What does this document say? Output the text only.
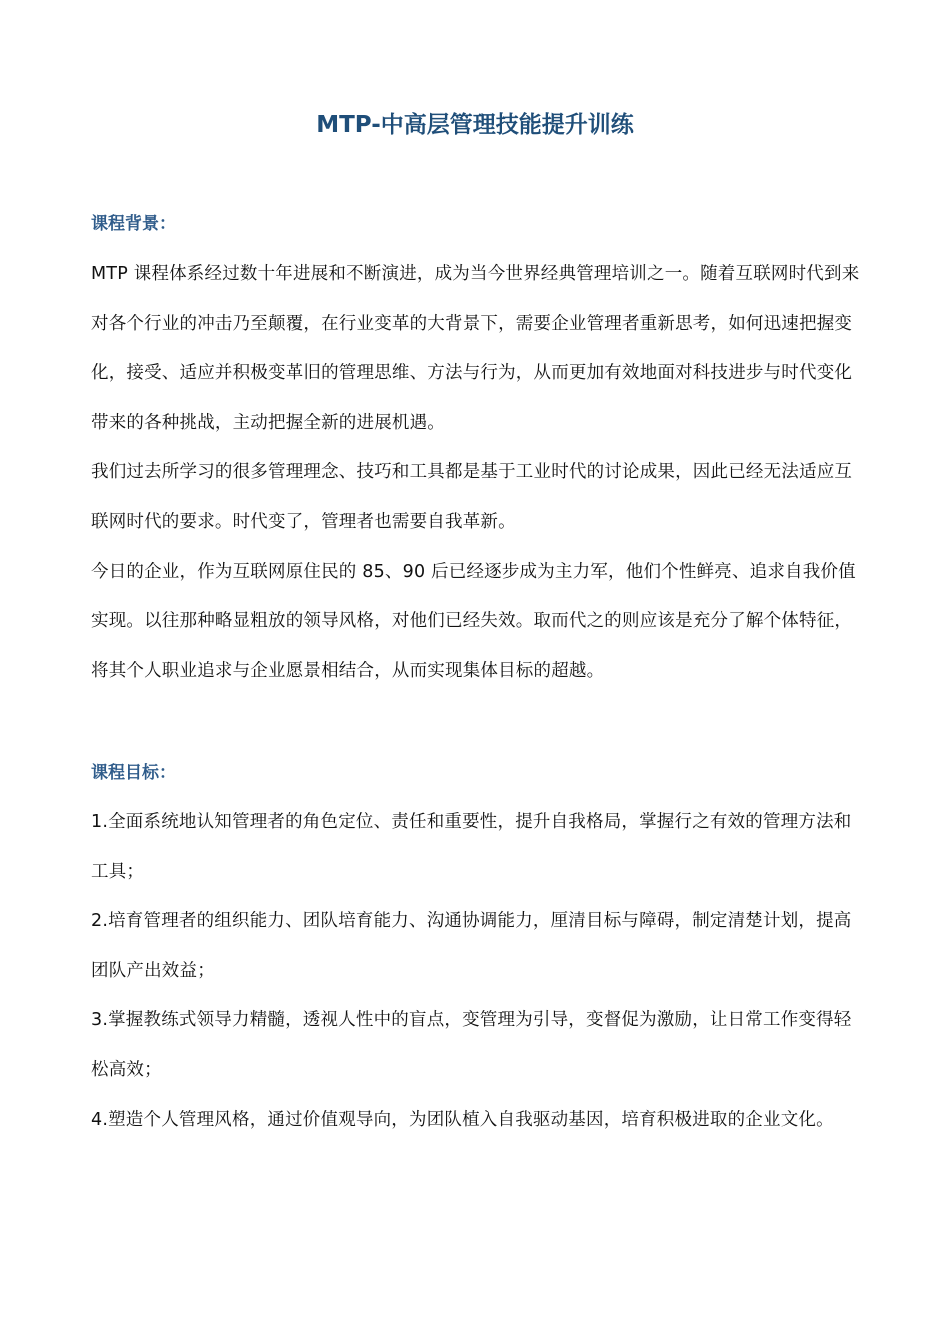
MTP-中高层管理技能提升训练
课程背景：

MTP 课程体系经过数十年进展和不断演进，成为当今世界经典管理培训之一。随着互联网时代到来对各个行业的冲击乃至颠覆，在行业变革的大背景下，需要企业管理者重新思考，如何迅速把握变化，接受、适应并积极变革旧的管理思维、方法与行为，从而更加有效地面对科技进步与时代变化带来的各种挑战，主动把握全新的进展机遇。

我们过去所学习的很多管理理念、技巧和工具都是基于工业时代的讨论成果，因此已经无法适应互联网时代的要求。时代变了，管理者也需要自我革新。

今日的企业，作为互联网原住民的 85、90 后已经逐步成为主力军，他们个性鲜亮、追求自我价值实现。以往那种略显粗放的领导风格，对他们已经失效。取而代之的则应该是充分了解个体特征，将其个人职业追求与企业愿景相结合，从而实现集体目标的超越。

课程目标：

1.全面系统地认知管理者的角色定位、责任和重要性，提升自我格局，掌握行之有效的管理方法和工具；

2.培育管理者的组织能力、团队培育能力、沟通协调能力，厘清目标与障碍，制定清楚计划，提高团队产出效益；

3.掌握教练式领导力精髓，透视人性中的盲点，变管理为引导，变督促为激励，让日常工作变得轻松高效；

4.塑造个人管理风格，通过价值观导向，为团队植入自我驱动基因，培育积极进取的企业文化。
